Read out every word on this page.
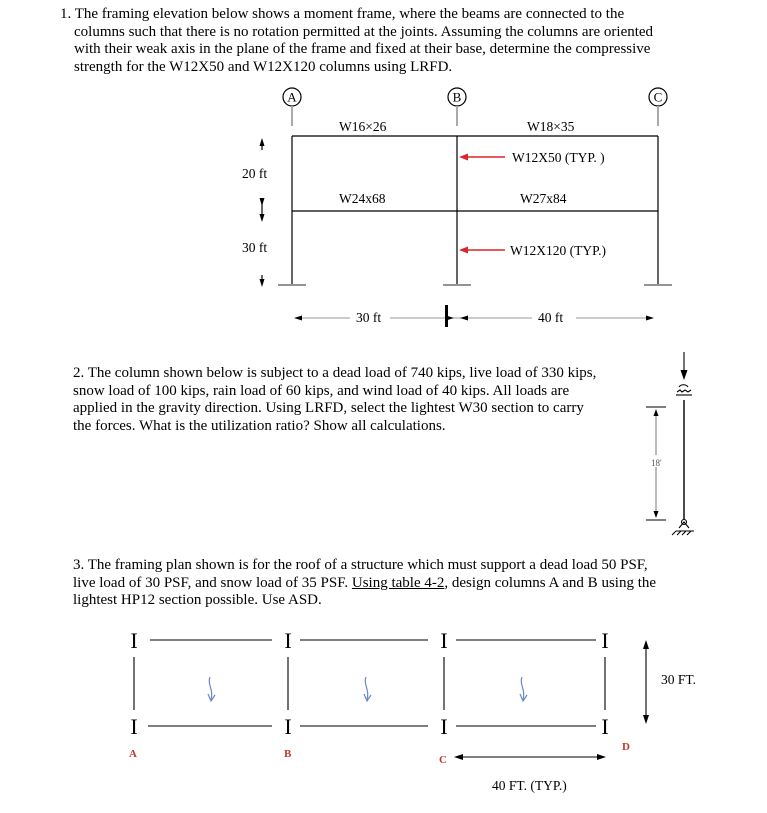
1. The framing elevation below shows a moment frame, where the beams are connected to the
columns such that there is no rotation permitted at the joints. Assuming the columns are oriented
with their weak axis in the plane of the frame and fixed at their base, determine the compressive
strength for the W12X50 and W12X120 columns using LRFD.
A	B	C
W16×26	W18×35
W24x68	W27x84
W12X50 (TYP. )
W12X120 (TYP.)
20 ft
30 ft
30 ft	40 ft
18'
I	I	I	I
I	I	I	I
A	B	C
D
30 FT.
40 FT. (TYP.)
2. The column shown below is subject to a dead load of 740 kips, live load of 330 kips,
snow load of 100 kips, rain load of 60 kips, and wind load of 40 kips. All loads are
applied in the gravity direction. Using LRFD, select the lightest W30 section to carry
the forces. What is the utilization ratio? Show all calculations.
3. The framing plan shown is for the roof of a structure which must support a dead load 50 PSF,
live load of 30 PSF, and snow load of 35 PSF. Using table 4-2, design columns A and B using the
lightest HP12 section possible. Use ASD.
